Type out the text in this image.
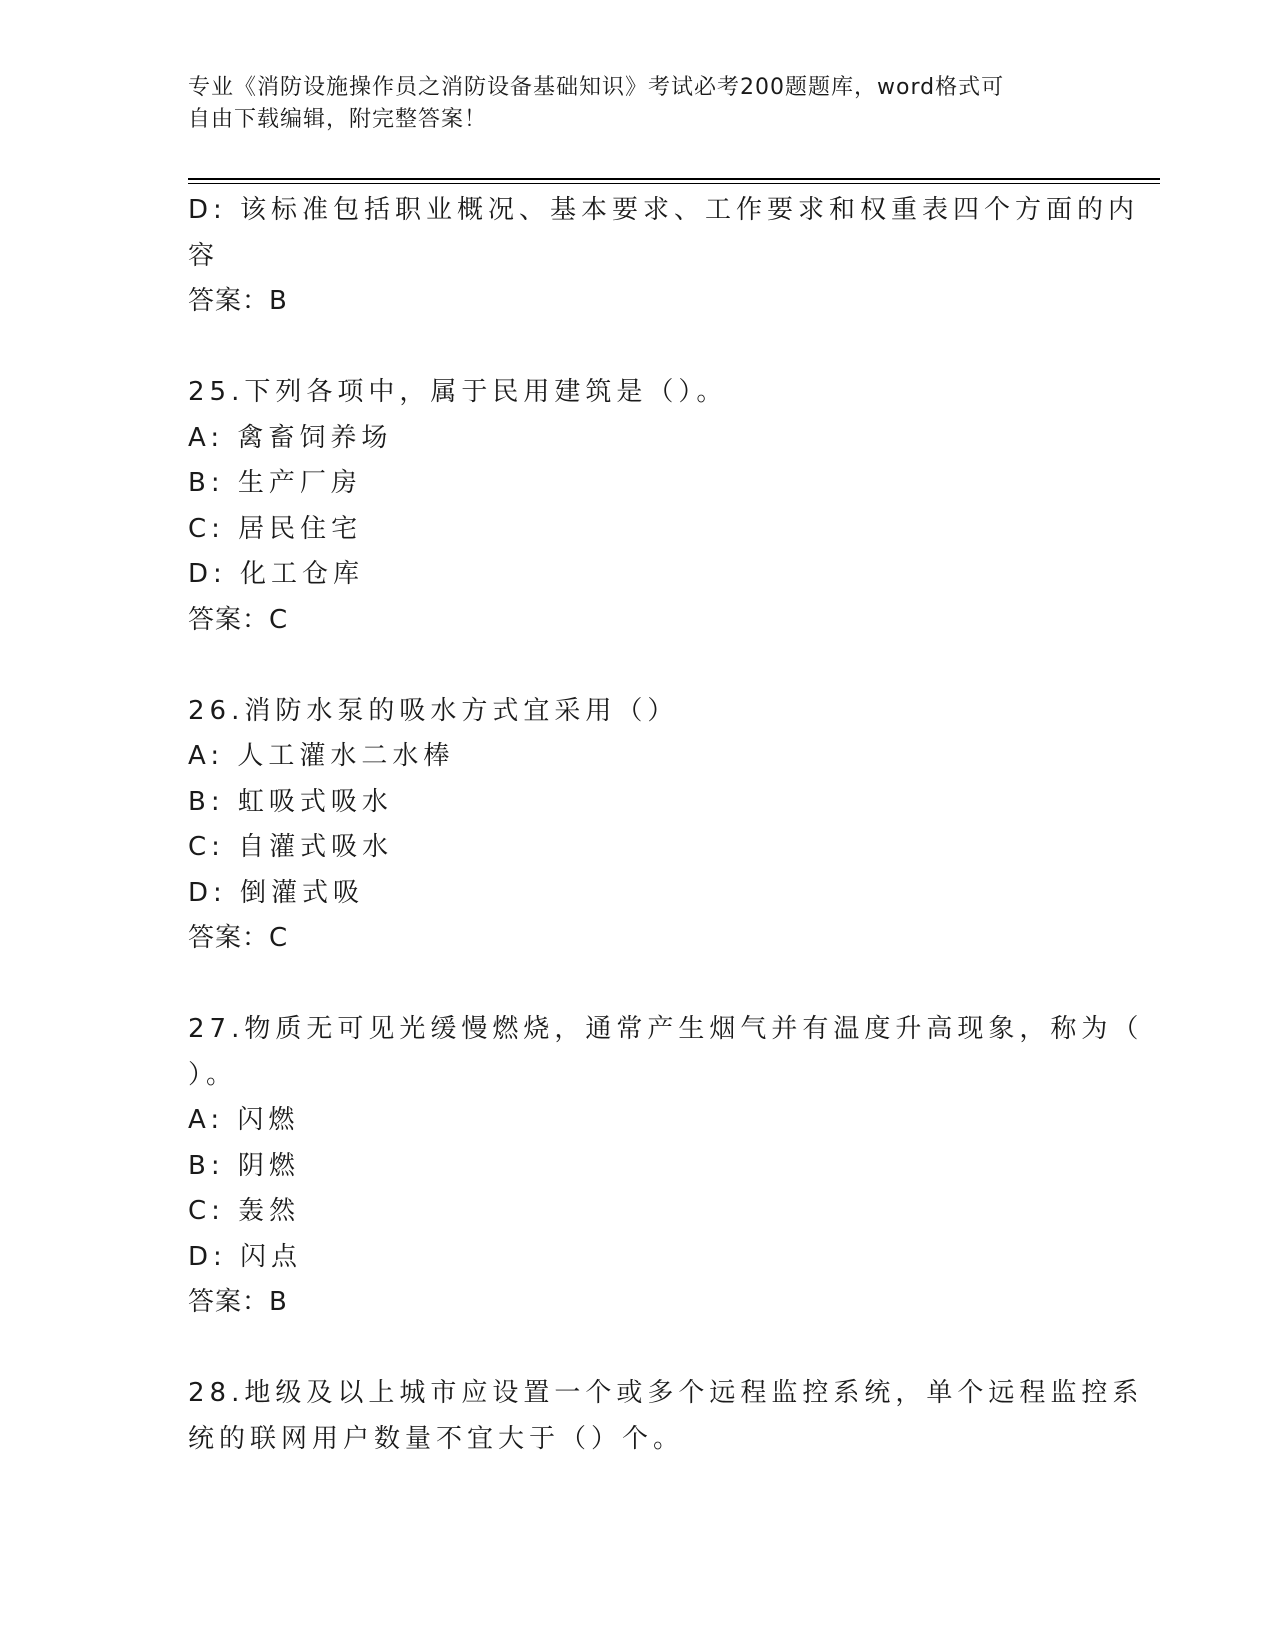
专业《消防设施操作员之消防设备基础知识》考试必考200题题库，word格式可
自由下载编辑，附完整答案！
D: 该标准包括职业概况、基本要求、工作要求和权重表四个方面的内
容
答案：B
25.下列各项中，属于民用建筑是（）。
A: 禽畜饲养场
B: 生产厂房
C: 居民住宅
D: 化工仓库
答案：C
26.消防水泵的吸水方式宜采用（）
A: 人工灌水二水棒
B: 虹吸式吸水
C: 自灌式吸水
D: 倒灌式吸
答案：C
27.物质无可见光缓慢燃烧，通常产生烟气并有温度升高现象，称为（
）。
A: 闪燃
B: 阴燃
C: 轰然
D: 闪点
答案：B
28.地级及以上城市应设置一个或多个远程监控系统，单个远程监控系
统的联网用户数量不宜大于（）个。
